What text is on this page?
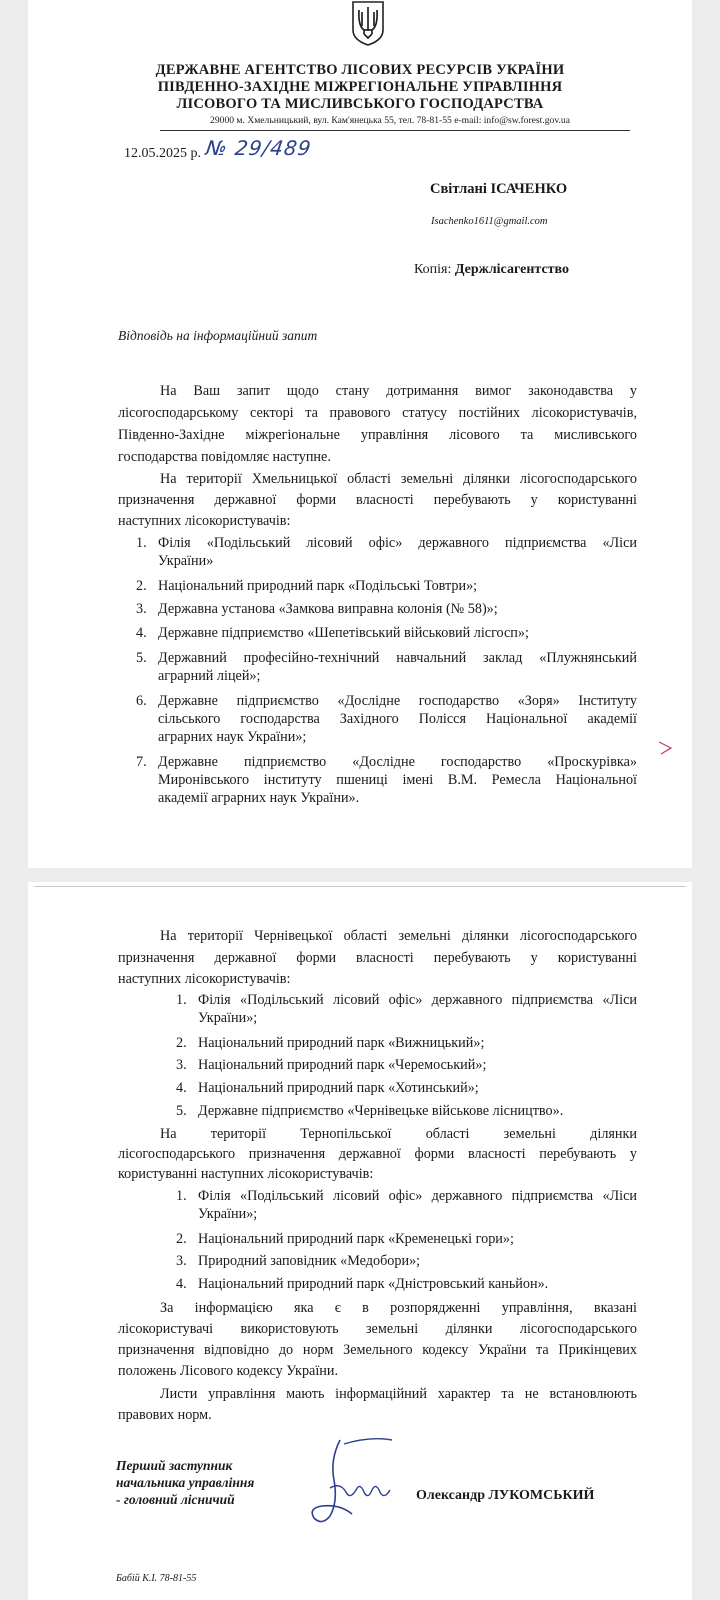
ДЕРЖАВНЕ АГЕНТСТВО ЛІСОВИХ РЕСУРСІВ УКРАЇНИ
ПІВДЕННО-ЗАХІДНЕ МІЖРЕГІОНАЛЬНЕ УПРАВЛІННЯ
ЛІСОВОГО ТА МИСЛИВСЬКОГО ГОСПОДАРСТВА
29000 м. Хмельницький, вул. Кам'янецька 55, тел. 78-81-55 e-mail: info@sw.forest.gov.ua
12.05.2025 р. № 29/489
Світлані ІСАЧЕНКО
Isachenko1611@gmail.com
Копія: Держлісагентство
Відповідь на інформаційний запит
На Ваш запит щодо стану дотримання вимог законодавства у
лісогосподарському секторі та правового статусу постійних лісокористувачів,
Південно-Західне міжрегіональне управління лісового та мисливського
господарства повідомляє наступне.
На території Хмельницької області земельні ділянки лісогосподарського
призначення державної форми власності перебувають у користуванні
наступних лісокористувачів:
1. Філія «Подільський лісовий офіс» державного підприємства «Ліси
України»
2. Національний природний парк «Подільські Товтри»;
3. Державна установа «Замкова виправна колонія (№ 58)»;
4. Державне підприємство «Шепетівський військовий лісгосп»;
5. Державний професійно-технічний навчальний заклад «Плужнянський
аграрний ліцей»;
6. Державне підприємство «Дослідне господарство «Зоря» Інституту
сільського господарства Західного Полісся Національної академії
аграрних наук України»;
7. Державне підприємство «Дослідне господарство «Проскурівка»
Миронівського інституту пшениці імені В.М. Ремесла Національної
академії аграрних наук України».
На території Чернівецької області земельні ділянки лісогосподарського
призначення державної форми власності перебувають у користуванні
наступних лісокористувачів:
1. Філія «Подільський лісовий офіс» державного підприємства «Ліси
України»;
2. Національний природний парк «Вижницький»;
3. Національний природний парк «Черемоський»;
4. Національний природний парк «Хотинський»;
5. Державне підприємство «Чернівецьке військове лісництво».
На території Тернопільської області земельні ділянки
лісогосподарського призначення державної форми власності перебувають у
користуванні наступних лісокористувачів:
1. Філія «Подільський лісовий офіс» державного підприємства «Ліси
України»;
2. Національний природний парк «Кременецькі гори»;
3. Природний заповідник «Медобори»;
4. Національний природний парк «Дністровський каньйон».
За інформацією яка є в розпорядженні управління, вказані
лісокористувачі використовують земельні ділянки лісогосподарського
призначення відповідно до норм Земельного кодексу України та Прикінцевих
положень Лісового кодексу України.
Листи управління мають інформаційний характер та не встановлюють
правових норм.
Перший заступник
начальника управління
- головний лісничий	Олександр ЛУКОМСЬКИЙ
Бабій К.І. 78-81-55
